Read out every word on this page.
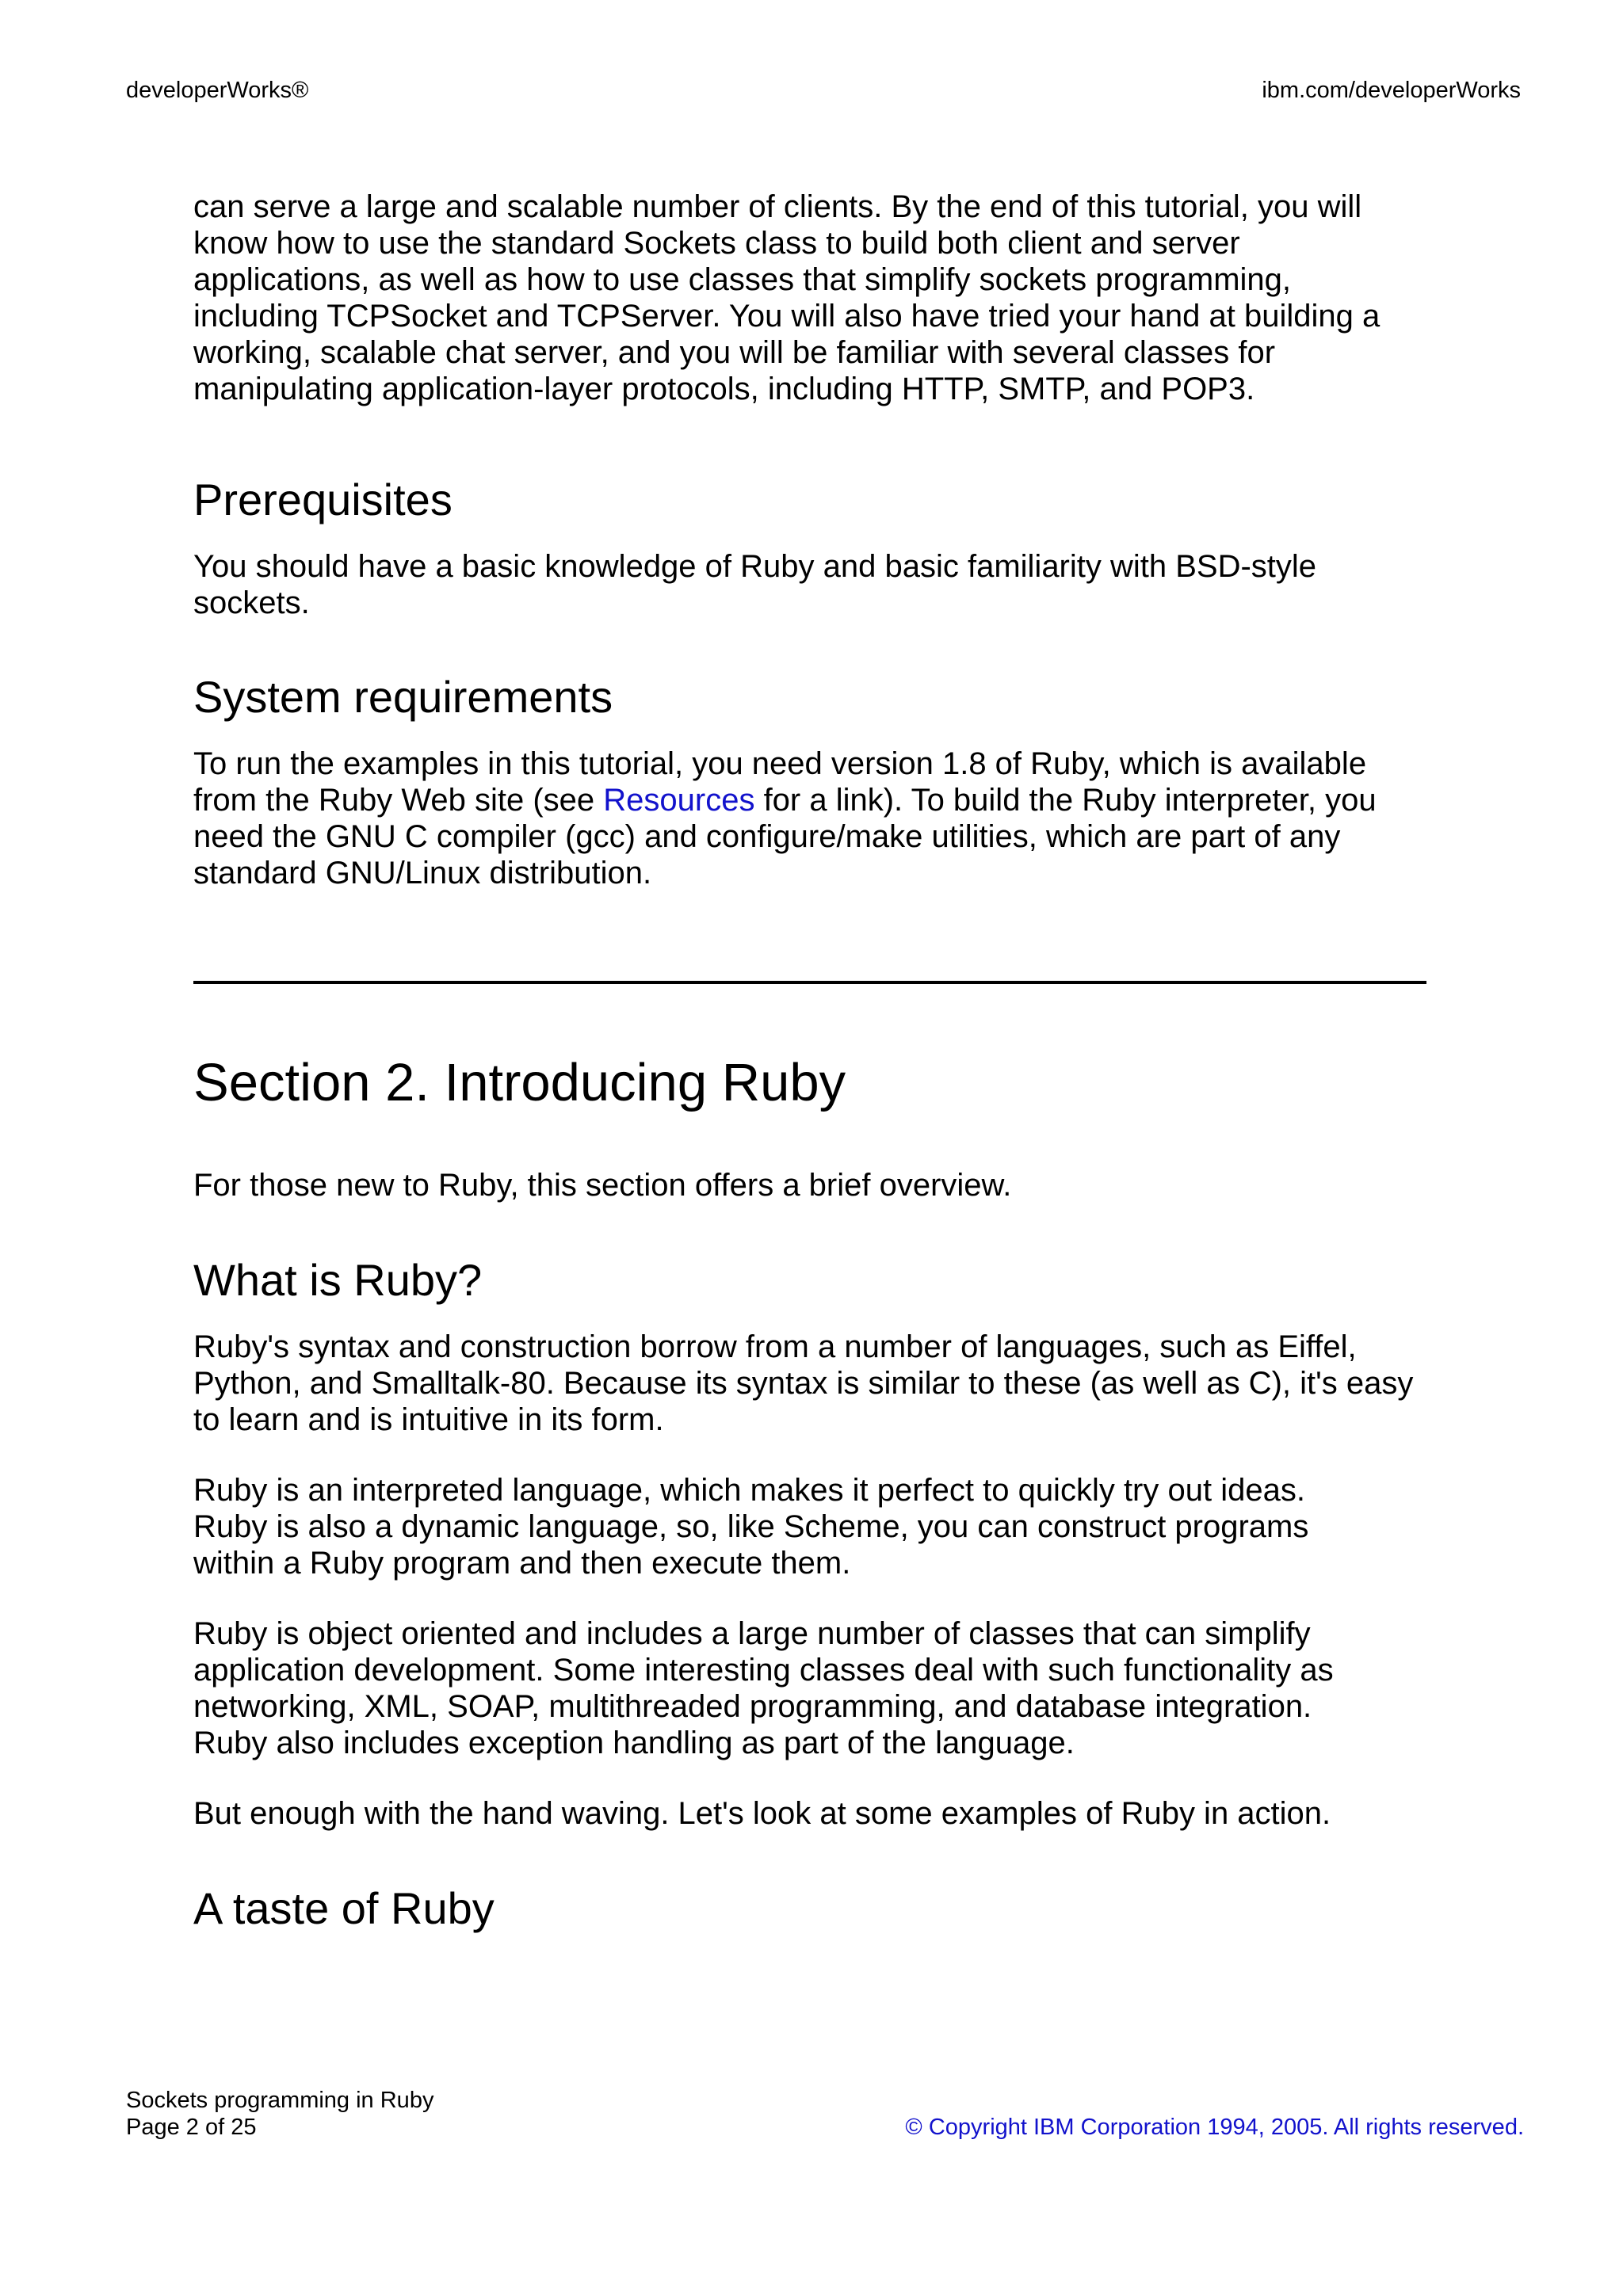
developerWorks®	ibm.com/developerWorks

can serve a large and scalable number of clients. By the end of this tutorial, you will know how to use the standard Sockets class to build both client and server applications, as well as how to use classes that simplify sockets programming, including TCPSocket and TCPServer. You will also have tried your hand at building a working, scalable chat server, and you will be familiar with several classes for manipulating application-layer protocols, including HTTP, SMTP, and POP3.

Prerequisites

You should have a basic knowledge of Ruby and basic familiarity with BSD-style sockets.

System requirements

To run the examples in this tutorial, you need version 1.8 of Ruby, which is available from the Ruby Web site (see Resources for a link). To build the Ruby interpreter, you need the GNU C compiler (gcc) and configure/make utilities, which are part of any standard GNU/Linux distribution.

Section 2. Introducing Ruby

For those new to Ruby, this section offers a brief overview.

What is Ruby?

Ruby's syntax and construction borrow from a number of languages, such as Eiffel, Python, and Smalltalk-80. Because its syntax is similar to these (as well as C), it's easy to learn and is intuitive in its form.

Ruby is an interpreted language, which makes it perfect to quickly try out ideas. Ruby is also a dynamic language, so, like Scheme, you can construct programs within a Ruby program and then execute them.

Ruby is object oriented and includes a large number of classes that can simplify application development. Some interesting classes deal with such functionality as networking, XML, SOAP, multithreaded programming, and database integration. Ruby also includes exception handling as part of the language.

But enough with the hand waving. Let's look at some examples of Ruby in action.

A taste of Ruby
Sockets programming in Ruby
Page 2 of 25	© Copyright IBM Corporation 1994, 2005. All rights reserved.
